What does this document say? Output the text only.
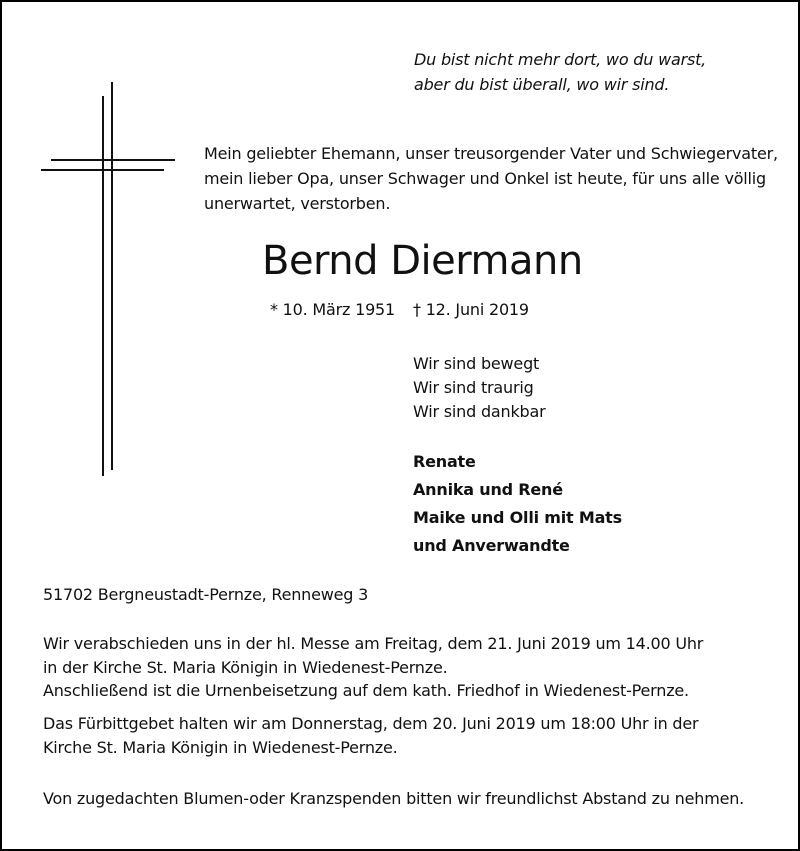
Du bist nicht mehr dort, wo du warst,
aber du bist überall, wo wir sind.
Mein geliebter Ehemann, unser treusorgender Vater und Schwiegervater,
mein lieber Opa, unser Schwager und Onkel ist heute, für uns alle völlig
unerwartet, verstorben.
Bernd Diermann
* 10. März 1951 † 12. Juni 2019
Wir sind bewegt
Wir sind traurig
Wir sind dankbar
Renate
Annika und René
Maike und Olli mit Mats
und Anverwandte
51702 Bergneustadt-Pernze, Renneweg 3
Wir verabschieden uns in der hl. Messe am Freitag, dem 21. Juni 2019 um 14.00 Uhr
in der Kirche St. Maria Königin in Wiedenest-Pernze.
Anschließend ist die Urnenbeisetzung auf dem kath. Friedhof in Wiedenest-Pernze.
Das Fürbittgebet halten wir am Donnerstag, dem 20. Juni 2019 um 18:00 Uhr in der
Kirche St. Maria Königin in Wiedenest-Pernze.
Von zugedachten Blumen-oder Kranzspenden bitten wir freundlichst Abstand zu nehmen.
